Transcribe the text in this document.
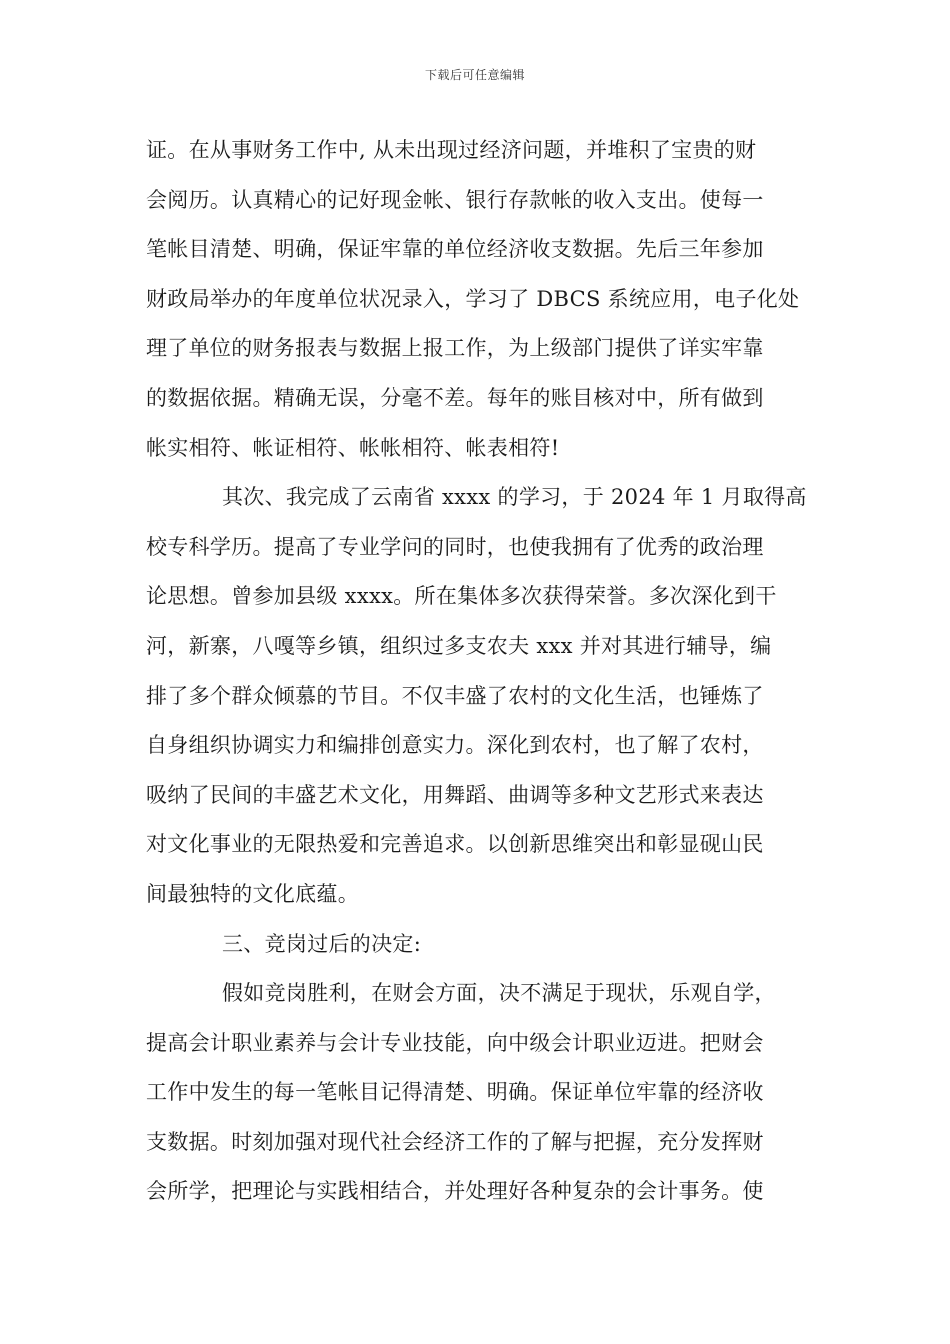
下载后可任意编辑
证。在从事财务工作中, 从未出现过经济问题，并堆积了宝贵的财
会阅历。认真精心的记好现金帐、银行存款帐的收入支出。使每一
笔帐目清楚、明确，保证牢靠的单位经济收支数据。先后三年参加
财政局举办的年度单位状况录入，学习了 DBCS 系统应用，电子化处
理了单位的财务报表与数据上报工作，为上级部门提供了详实牢靠
的数据依据。精确无误，分毫不差。每年的账目核对中，所有做到
帐实相符、帐证相符、帐帐相符、帐表相符!
其次、我完成了云南省 xxxx 的学习，于 2024 年 1 月取得高
校专科学历。提高了专业学问的同时，也使我拥有了优秀的政治理
论思想。曾参加县级 xxxx。所在集体多次获得荣誉。多次深化到干
河，新寨，八嘎等乡镇，组织过多支农夫 xxx 并对其进行辅导，编
排了多个群众倾慕的节目。不仅丰盛了农村的文化生活，也锤炼了
自身组织协调实力和编排创意实力。深化到农村，也了解了农村，
吸纳了民间的丰盛艺术文化，用舞蹈、曲调等多种文艺形式来表达
对文化事业的无限热爱和完善追求。以创新思维突出和彰显砚山民
间最独特的文化底蕴。
三、竞岗过后的决定:
假如竞岗胜利，在财会方面，决不满足于现状，乐观自学，
提高会计职业素养与会计专业技能，向中级会计职业迈进。把财会
工作中发生的每一笔帐目记得清楚、明确。保证单位牢靠的经济收
支数据。时刻加强对现代社会经济工作的了解与把握，充分发挥财
会所学，把理论与实践相结合，并处理好各种复杂的会计事务。使
